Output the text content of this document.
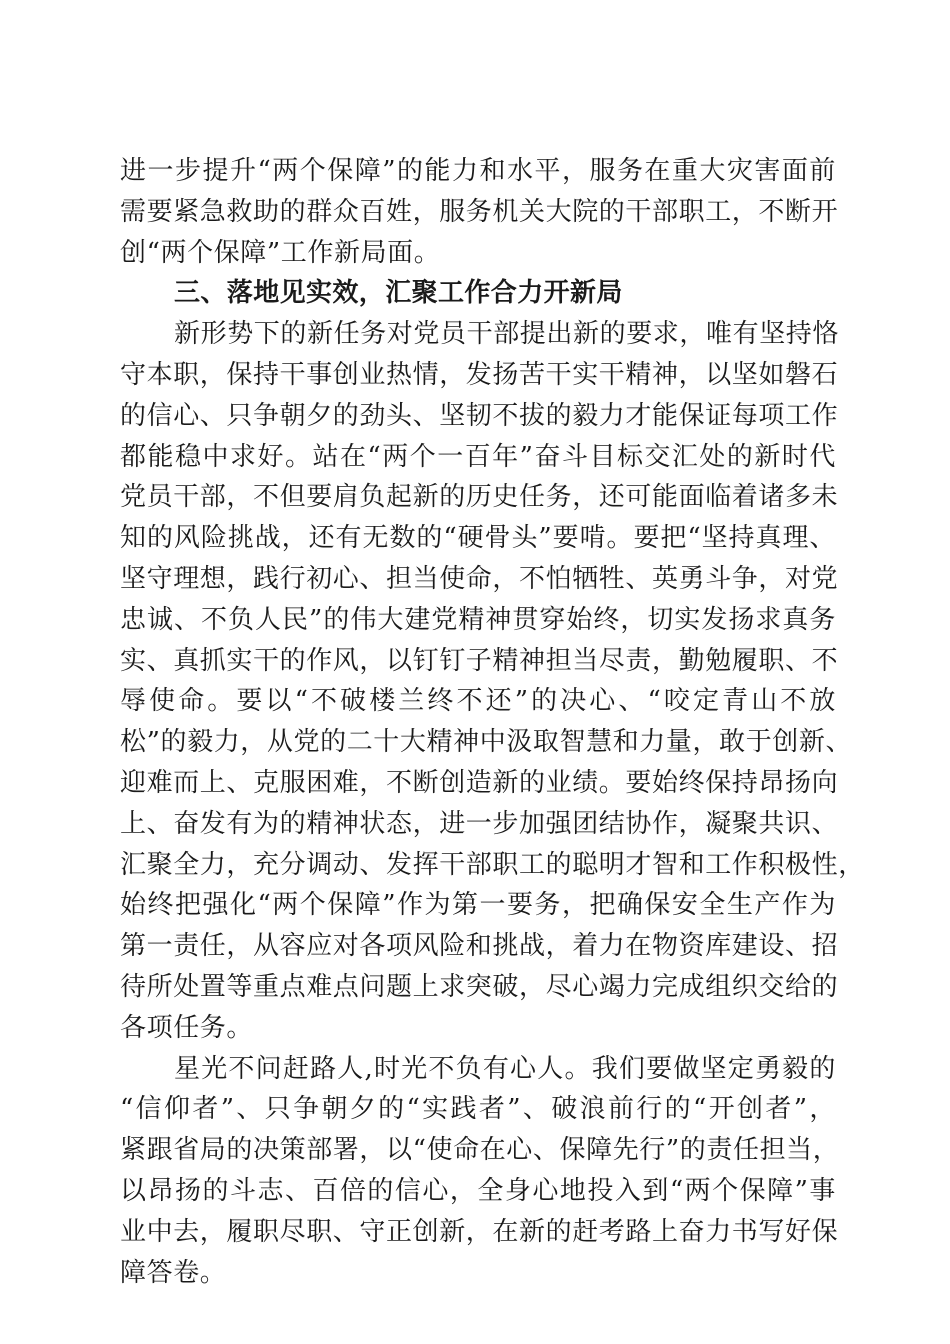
进一步提升“两个保障”的能力和水平，服务在重大灾害面前
需要紧急救助的群众百姓，服务机关大院的干部职工，不断开
创“两个保障”工作新局面。
三、落地见实效，汇聚工作合力开新局
新形势下的新任务对党员干部提出新的要求，唯有坚持恪
守本职，保持干事创业热情，发扬苦干实干精神，以坚如磐石
的信心、只争朝夕的劲头、坚韧不拔的毅力才能保证每项工作
都能稳中求好。站在“两个一百年”奋斗目标交汇处的新时代
党员干部，不但要肩负起新的历史任务，还可能面临着诸多未
知的风险挑战，还有无数的“硬骨头”要啃。要把“坚持真理、
坚守理想，践行初心、担当使命，不怕牺牲、英勇斗争，对党
忠诚、不负人民”的伟大建党精神贯穿始终，切实发扬求真务
实、真抓实干的作风，以钉钉子精神担当尽责，勤勉履职、不
辱使命。要以“不破楼兰终不还”的决心、“咬定青山不放
松”的毅力，从党的二十大精神中汲取智慧和力量，敢于创新、
迎难而上、克服困难，不断创造新的业绩。要始终保持昂扬向
上、奋发有为的精神状态，进一步加强团结协作，凝聚共识、
汇聚全力，充分调动、发挥干部职工的聪明才智和工作积极性，
始终把强化“两个保障”作为第一要务，把确保安全生产作为
第一责任，从容应对各项风险和挑战，着力在物资库建设、招
待所处置等重点难点问题上求突破，尽心竭力完成组织交给的
各项任务。
星光不问赶路人,时光不负有心人。我们要做坚定勇毅的
“信仰者”、只争朝夕的“实践者”、破浪前行的“开创者”，
紧跟省局的决策部署，以“使命在心、保障先行”的责任担当，
以昂扬的斗志、百倍的信心，全身心地投入到“两个保障”事
业中去，履职尽职、守正创新，在新的赶考路上奋力书写好保
障答卷。
